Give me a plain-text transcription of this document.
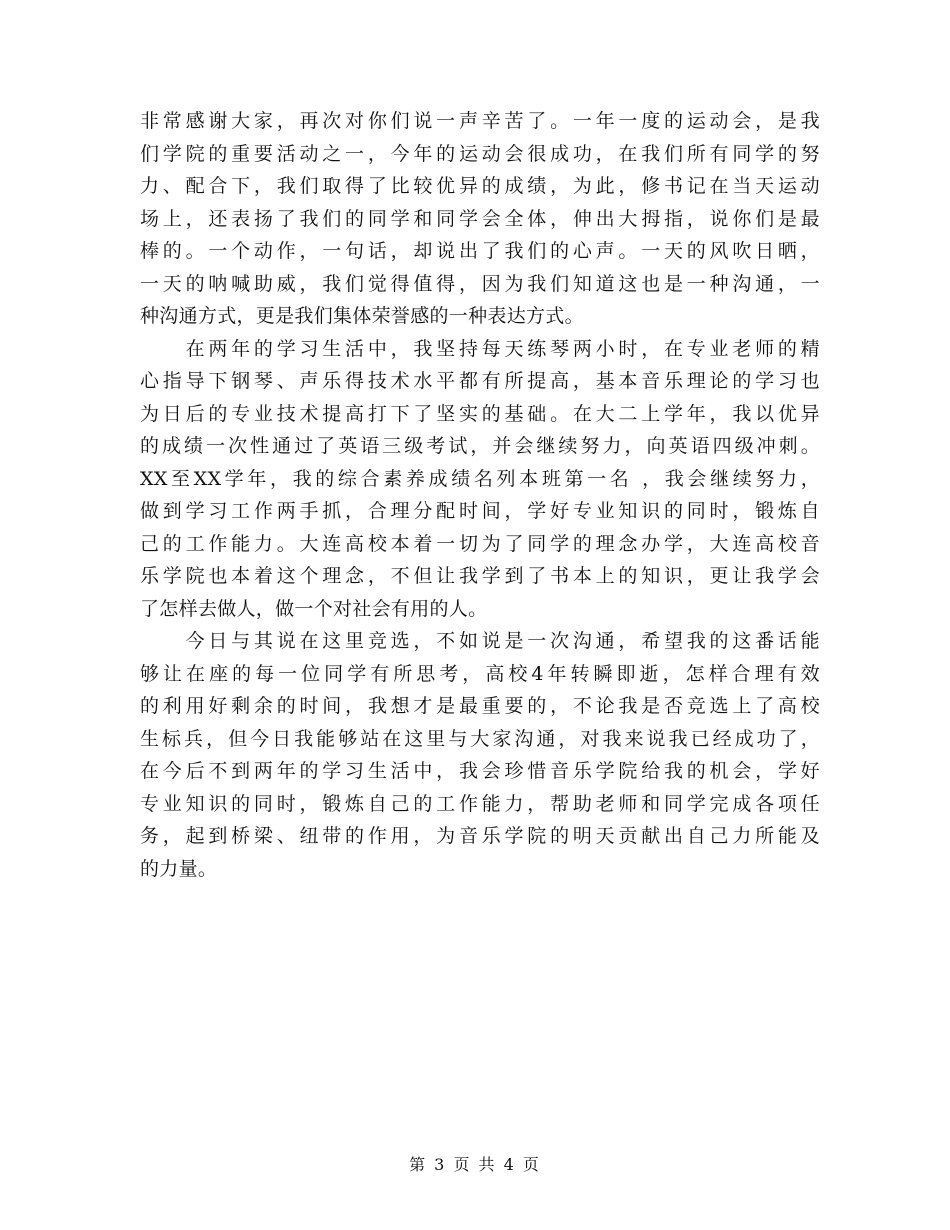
非常感谢大家，再次对你们说一声辛苦了。一年一度的运动会，是我
们学院的重要活动之一，今年的运动会很成功，在我们所有同学的努
力、配合下，我们取得了比较优异的成绩，为此，修书记在当天运动
场上，还表扬了我们的同学和同学会全体，伸出大拇指，说你们是最
棒的。一个动作，一句话，却说出了我们的心声。一天的风吹日晒，
一天的呐喊助威，我们觉得值得，因为我们知道这也是一种沟通，一
种沟通方式，更是我们集体荣誉感的一种表达方式。
　　在两年的学习生活中，我坚持每天练琴两小时，在专业老师的精
心指导下钢琴、声乐得技术水平都有所提高，基本音乐理论的学习也
为日后的专业技术提高打下了坚实的基础。在大二上学年，我以优异
的成绩一次性通过了英语三级考试，并会继续努力，向英语四级冲刺。
XX至XX学年，我的综合素养成绩名列本班第一名 ，我会继续努力，
做到学习工作两手抓，合理分配时间，学好专业知识的同时，锻炼自
己的工作能力。大连高校本着一切为了同学的理念办学，大连高校音
乐学院也本着这个理念，不但让我学到了书本上的知识，更让我学会
了怎样去做人，做一个对社会有用的人。
　　今日与其说在这里竞选，不如说是一次沟通，希望我的这番话能
够让在座的每一位同学有所思考，高校4年转瞬即逝，怎样合理有效
的利用好剩余的时间，我想才是最重要的，不论我是否竞选上了高校
生标兵，但今日我能够站在这里与大家沟通，对我来说我已经成功了，
在今后不到两年的学习生活中，我会珍惜音乐学院给我的机会，学好
专业知识的同时，锻炼自己的工作能力，帮助老师和同学完成各项任
务，起到桥梁、纽带的作用，为音乐学院的明天贡献出自己力所能及
的力量。
第 3 页 共 4 页
